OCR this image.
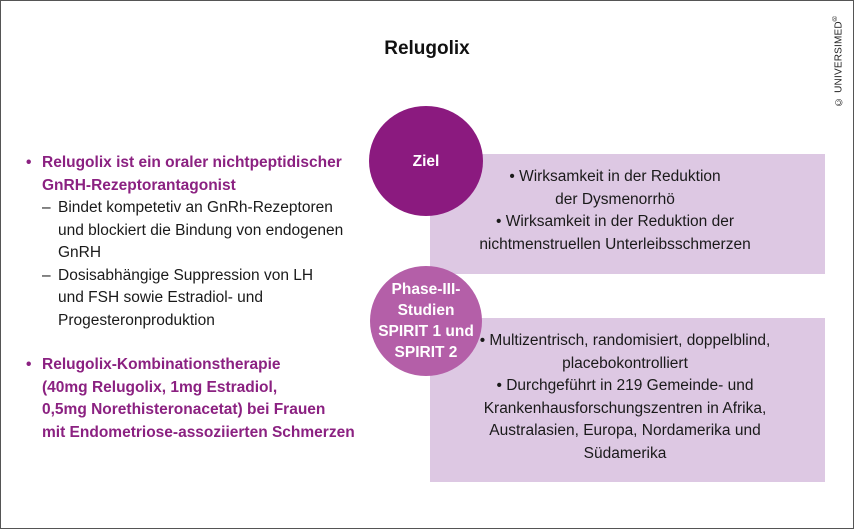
Relugolix	© UNIVERSIMED®
• Relugolix ist ein oraler nichtpeptidischer
GnRH-Rezeptorantagonist
– Bindet kompetetiv an GnRh-Rezeptoren
und blockiert die Bindung von endogenen
GnRH
– Dosisabhängige Suppression von LH
und FSH sowie Estradiol- und
Progesteronproduktion
• Relugolix-Kombinationstherapie
(40mg Relugolix, 1mg Estradiol,
0,5mg Norethisteronacetat) bei Frauen
mit Endometriose-assoziierten Schmerzen
• Wirksamkeit in der Reduktion
der Dysmenorrhö
• Wirksamkeit in der Reduktion der
nichtmenstruellen Unterleibsschmerzen
• Multizentrisch, randomisiert, doppelblind,
placebokontrolliert
• Durchgeführt in 219 Gemeinde- und
Krankenhausforschungszentren in Afrika,
Australasien, Europa, Nordamerika und
Südamerika
Ziel
Phase-III-
Studien
SPIRIT 1 und
SPIRIT 2
